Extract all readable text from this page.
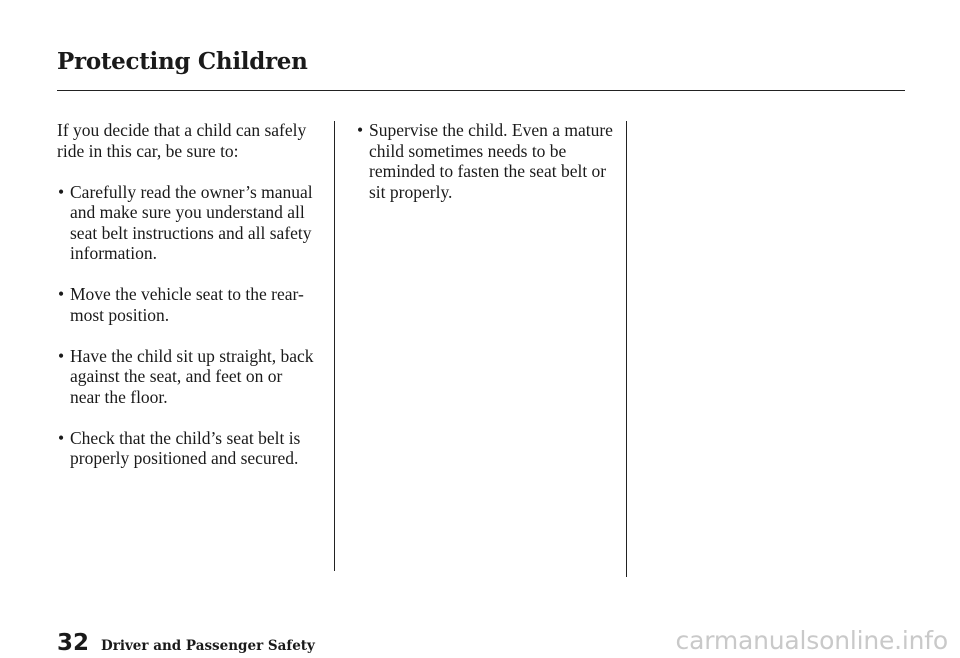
Protecting Children

If you decide that a child can safely
ride in this car, be sure to:

• Carefully read the owner’s manual
and make sure you understand all
seat belt instructions and all safety
information.
• Move the vehicle seat to the rear-
most position.
• Have the child sit up straight, back
against the seat, and feet on or
near the floor.
• Check that the child’s seat belt is
properly positioned and secured.
• Supervise the child. Even a mature
child sometimes needs to be
reminded to fasten the seat belt or
sit properly.
32 Driver and Passenger Safety	carmanualsonline.info
